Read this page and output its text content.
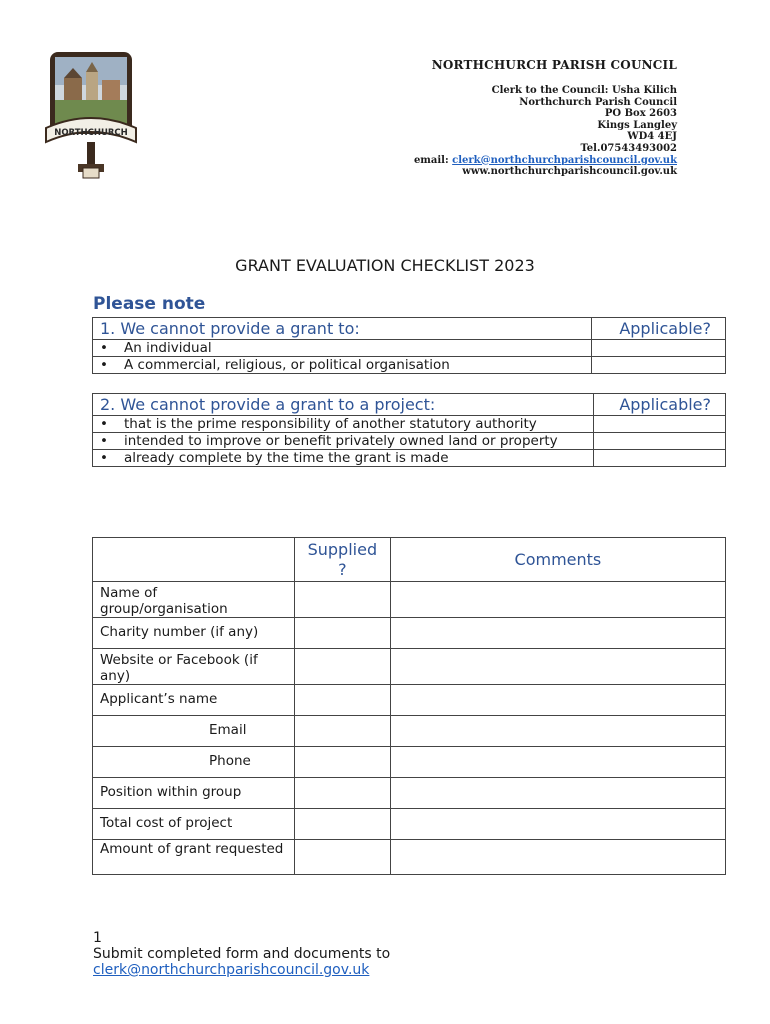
NORTHCHURCH
NORTHCHURCH PARISH COUNCIL
Clerk to the Council: Usha Kilich
Northchurch Parish Council
PO Box 2603
Kings Langley
WD4 4EJ
Tel.07543493002
email: clerk@northchurchparishcouncil.gov.uk
www.northchurchparishcouncil.gov.uk
GRANT EVALUATION CHECKLIST 2023
Please note
1. We cannot provide a grant to:	Applicable?
• An individual	
• A commercial, religious, or political organisation	
2. We cannot provide a grant to a project:	Applicable?

• that is the prime responsibility of another statutory authority	

• intended to improve or benefit privately owned land or property	

• already complete by the time the grant is made	

	Supplied ?	Comments
Name of group/organisation		
Charity number (if any)		
Website or Facebook (if any)		
Applicant’s name		
Email		
Phone		
Position within group		
Total cost of project		
Amount of grant requested		
1
Submit completed form and documents to
clerk@northchurchparishcouncil.gov.uk
